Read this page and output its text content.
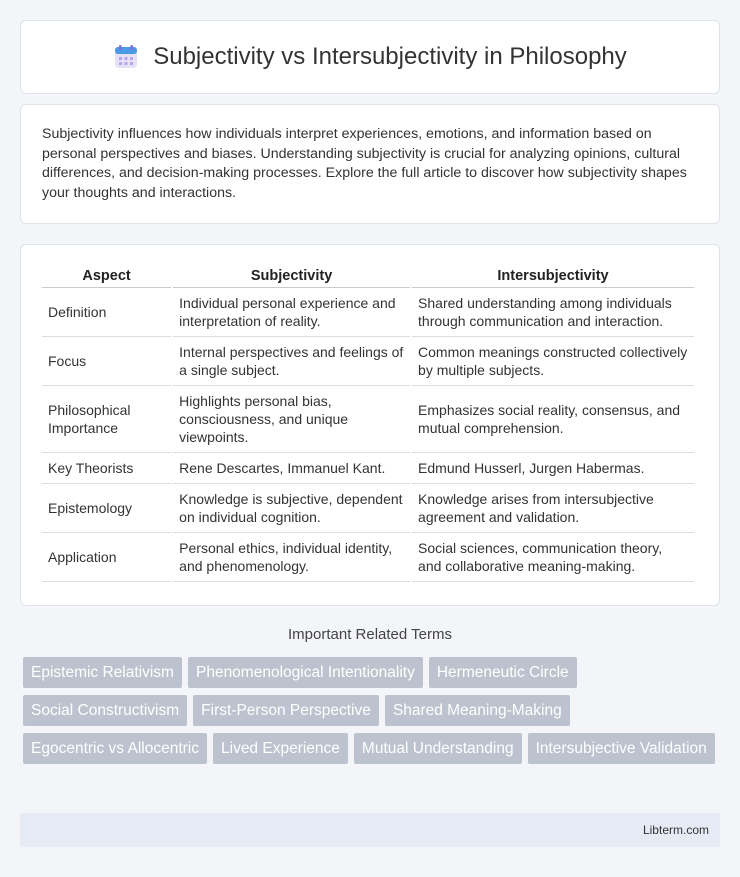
Subjectivity vs Intersubjectivity in Philosophy

Subjectivity influences how individuals interpret experiences, emotions, and information based on personal perspectives and biases. Understanding subjectivity is crucial for analyzing opinions, cultural differences, and decision-making processes. Explore the full article to discover how subjectivity shapes your thoughts and interactions.

Aspect	Subjectivity	Intersubjectivity
Definition	Individual personal experience and interpretation of reality.	Shared understanding among individuals through communication and interaction.
Focus	Internal perspectives and feelings of a single subject.	Common meanings constructed collectively by multiple subjects.
Philosophical Importance	Highlights personal bias, consciousness, and unique viewpoints.	Emphasizes social reality, consensus, and mutual comprehension.
Key Theorists	Rene Descartes, Immanuel Kant.	Edmund Husserl, Jurgen Habermas.
Epistemology	Knowledge is subjective, dependent on individual cognition.	Knowledge arises from intersubjective agreement and validation.
Application	Personal ethics, individual identity, and phenomenology.	Social sciences, communication theory, and collaborative meaning-making.
Important Related Terms
Epistemic Relativism	Phenomenological Intentionality	Hermeneutic Circle
Social Constructivism	First-Person Perspective	Shared Meaning-Making
Egocentric vs Allocentric	Lived Experience	Mutual Understanding	Intersubjective Validation
Libterm.com
